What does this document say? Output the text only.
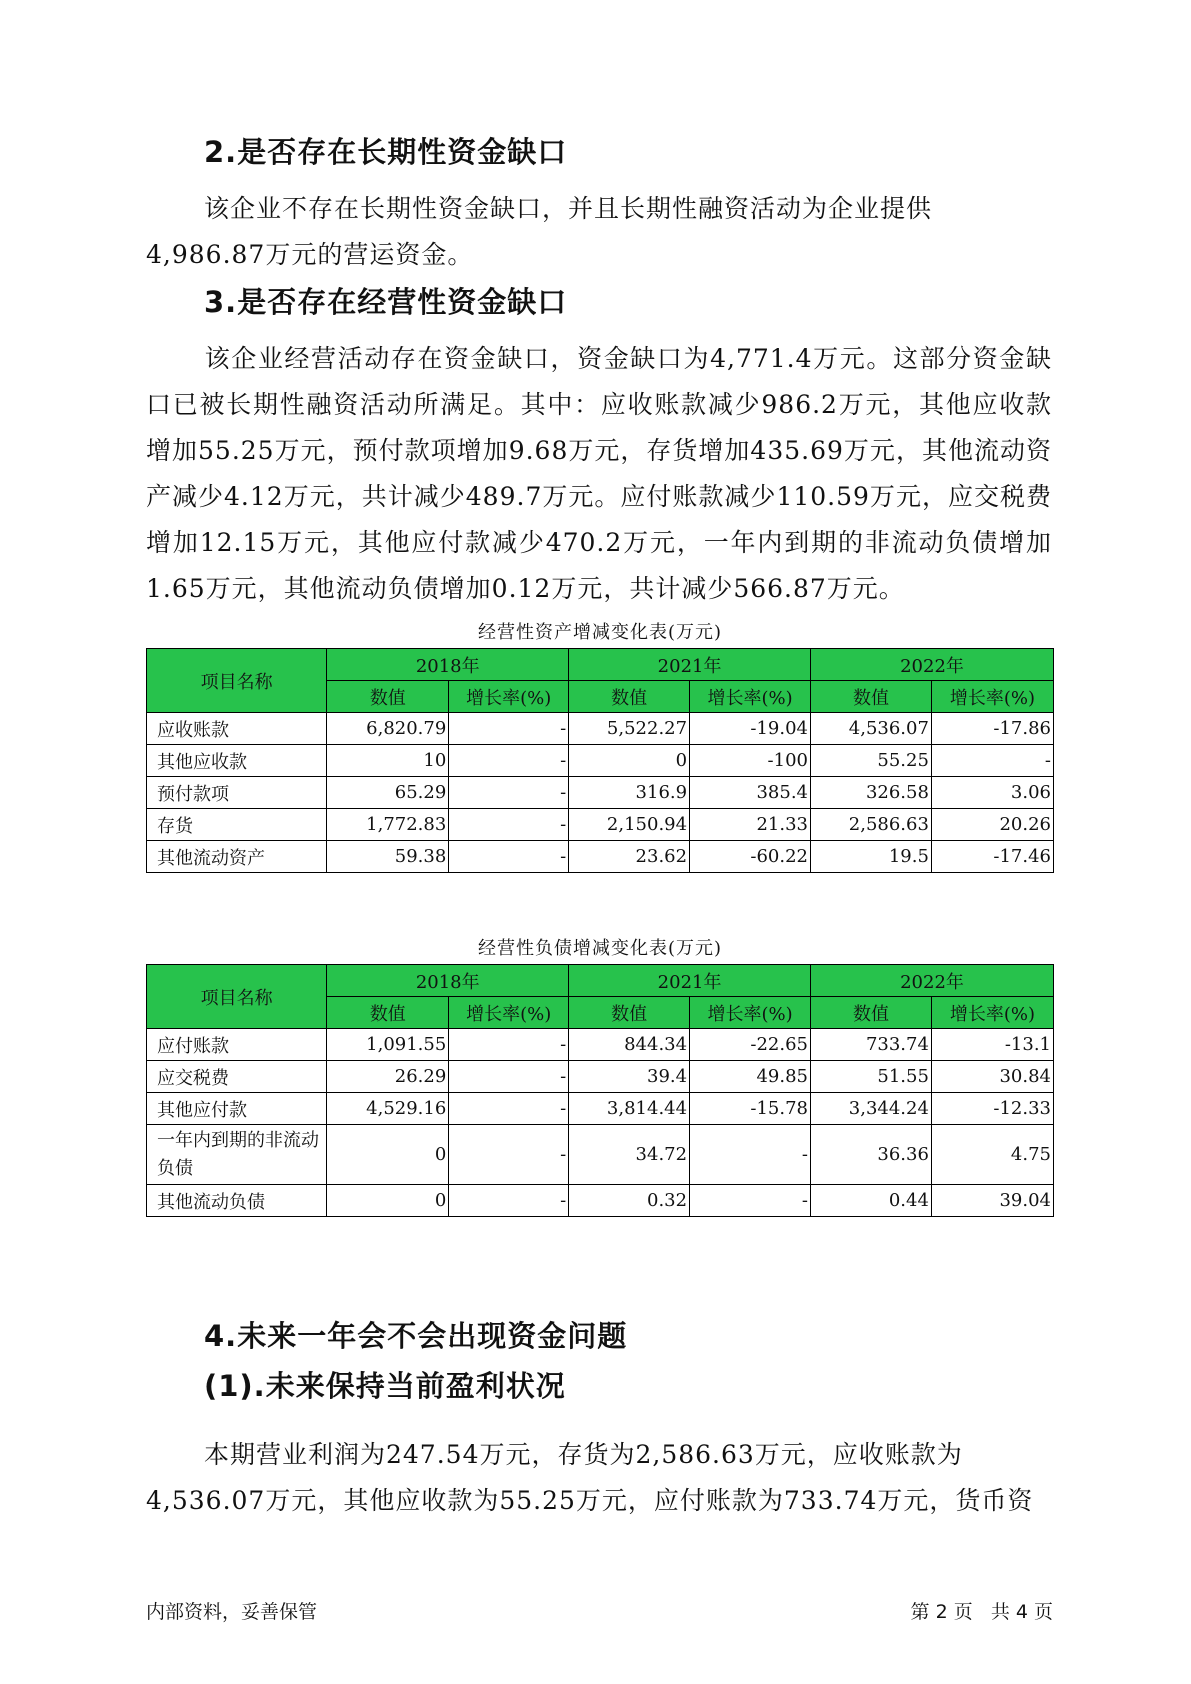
2.是否存在长期性资金缺口

该企业不存在长期性资金缺口，并且长期性融资活动为企业提供
4,986.87万元的营运资金。

3.是否存在经营性资金缺口

该企业经营活动存在资金缺口，资金缺口为4,771.4万元。这部分资金缺口已被长期性融资活动所满足。其中：应收账款减少986.2万元，其他应收款增加55.25万元，预付款项增加9.68万元，存货增加435.69万元，其他流动资产减少4.12万元，共计减少489.7万元。应付账款减少110.59万元，应交税费增加12.15万元，其他应付款减少470.2万元，一年内到期的非流动负债增加1.65万元，其他流动负债增加0.12万元，共计减少566.87万元。

经营性资产增减变化表(万元)

项目名称	2018年		2021年		2022年	
	数值	增长率(%)	数值	增长率(%)	数值	增长率(%)
应收账款	6,820.79	-	5,522.27	-19.04	4,536.07	-17.86
其他应收款	10	-	0	-100	55.25	-
预付款项	65.29	-	316.9	385.4	326.58	3.06
存货	1,772.83	-	2,150.94	21.33	2,586.63	20.26
其他流动资产	59.38	-	23.62	-60.22	19.5	-17.46

经营性负债增减变化表(万元)

项目名称	2018年		2021年		2022年	
	数值	增长率(%)	数值	增长率(%)	数值	增长率(%)
应付账款	1,091.55	-	844.34	-22.65	733.74	-13.1
应交税费	26.29	-	39.4	49.85	51.55	30.84
其他应付款	4,529.16	-	3,814.44	-15.78	3,344.24	-12.33
一年内到期的非流动负债	0	-	34.72	-	36.36	4.75
其他流动负债	0	-	0.32	-	0.44	39.04
4.未来一年会不会出现资金问题
(1).未来保持当前盈利状况

本期营业利润为247.54万元，存货为2,586.63万元，应收账款为
4,536.07万元，其他应收款为55.25万元，应付账款为733.74万元，货币资

内部资料，妥善保管	第 2 页   共 4 页
